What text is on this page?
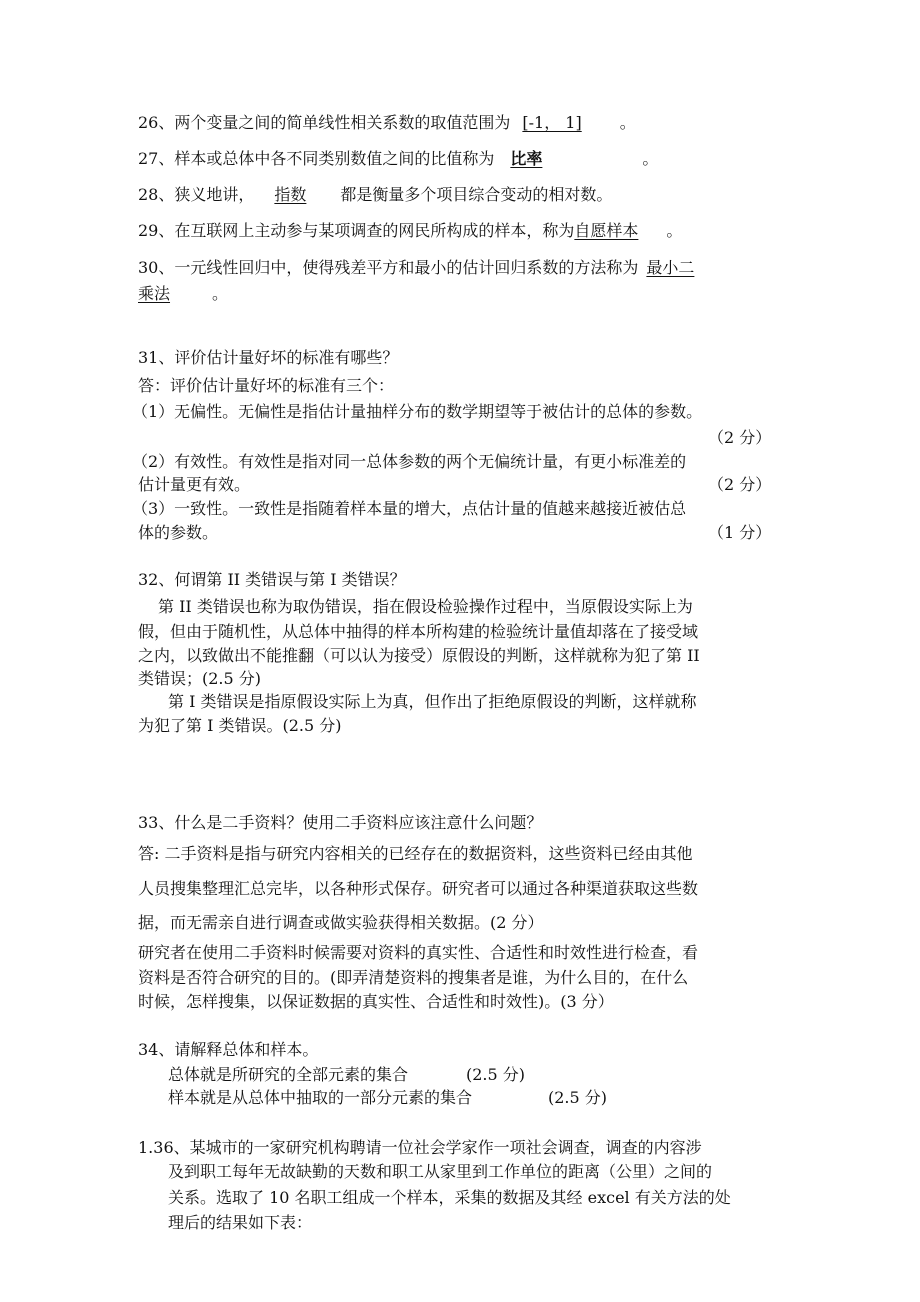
26、两个变量之间的简单线性相关系数的取值范围为 [-1， 1] 。
27、样本或总体中各不同类别数值之间的比值称为 比率	。
28、狭义地讲， 指数 都是衡量多个项目综合变动的相对数。
29、在互联网上主动参与某项调查的网民所构成的样本，称为自愿样本 。
30、一元线性回归中，使得残差平方和最小的估计回归系数的方法称为 最小二
乘法	。
31、评价估计量好坏的标准有哪些？
答：评价估计量好坏的标准有三个：
（1）无偏性。无偏性是指估计量抽样分布的数学期望等于被估计的总体的参数。
（2 分）
（2）有效性。有效性是指对同一总体参数的两个无偏统计量，有更小标准差的
估计量更有效。	（2 分）
（3）一致性。一致性是指随着样本量的增大，点估计量的值越来越接近被估总
体的参数。	（1 分）
32、何谓第 II 类错误与第 I 类错误？
第 II 类错误也称为取伪错误，指在假设检验操作过程中，当原假设实际上为
假，但由于随机性，从总体中抽得的样本所构建的检验统计量值却落在了接受域
之内，以致做出不能推翻（可以认为接受）原假设的判断，这样就称为犯了第 II
类错误；(2.5 分)
第 I 类错误是指原假设实际上为真，但作出了拒绝原假设的判断，这样就称
为犯了第 I 类错误。(2.5 分)
33、什么是二手资料？使用二手资料应该注意什么问题？
答: 二手资料是指与研究内容相关的已经存在的数据资料，这些资料已经由其他
人员搜集整理汇总完毕，以各种形式保存。研究者可以通过各种渠道获取这些数
据，而无需亲自进行调查或做实验获得相关数据。(2 分）
研究者在使用二手资料时候需要对资料的真实性、合适性和时效性进行检查，看
资料是否符合研究的目的。(即弄清楚资料的搜集者是谁，为什么目的，在什么
时候，怎样搜集，以保证数据的真实性、合适性和时效性)。(3 分）
34、请解释总体和样本。
总体就是所研究的全部元素的集合	(2.5 分)
样本就是从总体中抽取的一部分元素的集合	(2.5 分)
1.36、某城市的一家研究机构聘请一位社会学家作一项社会调查，调查的内容涉
及到职工每年无故缺勤的天数和职工从家里到工作单位的距离（公里）之间的
关系。选取了 10 名职工组成一个样本，采集的数据及其经 excel 有关方法的处
理后的结果如下表：
